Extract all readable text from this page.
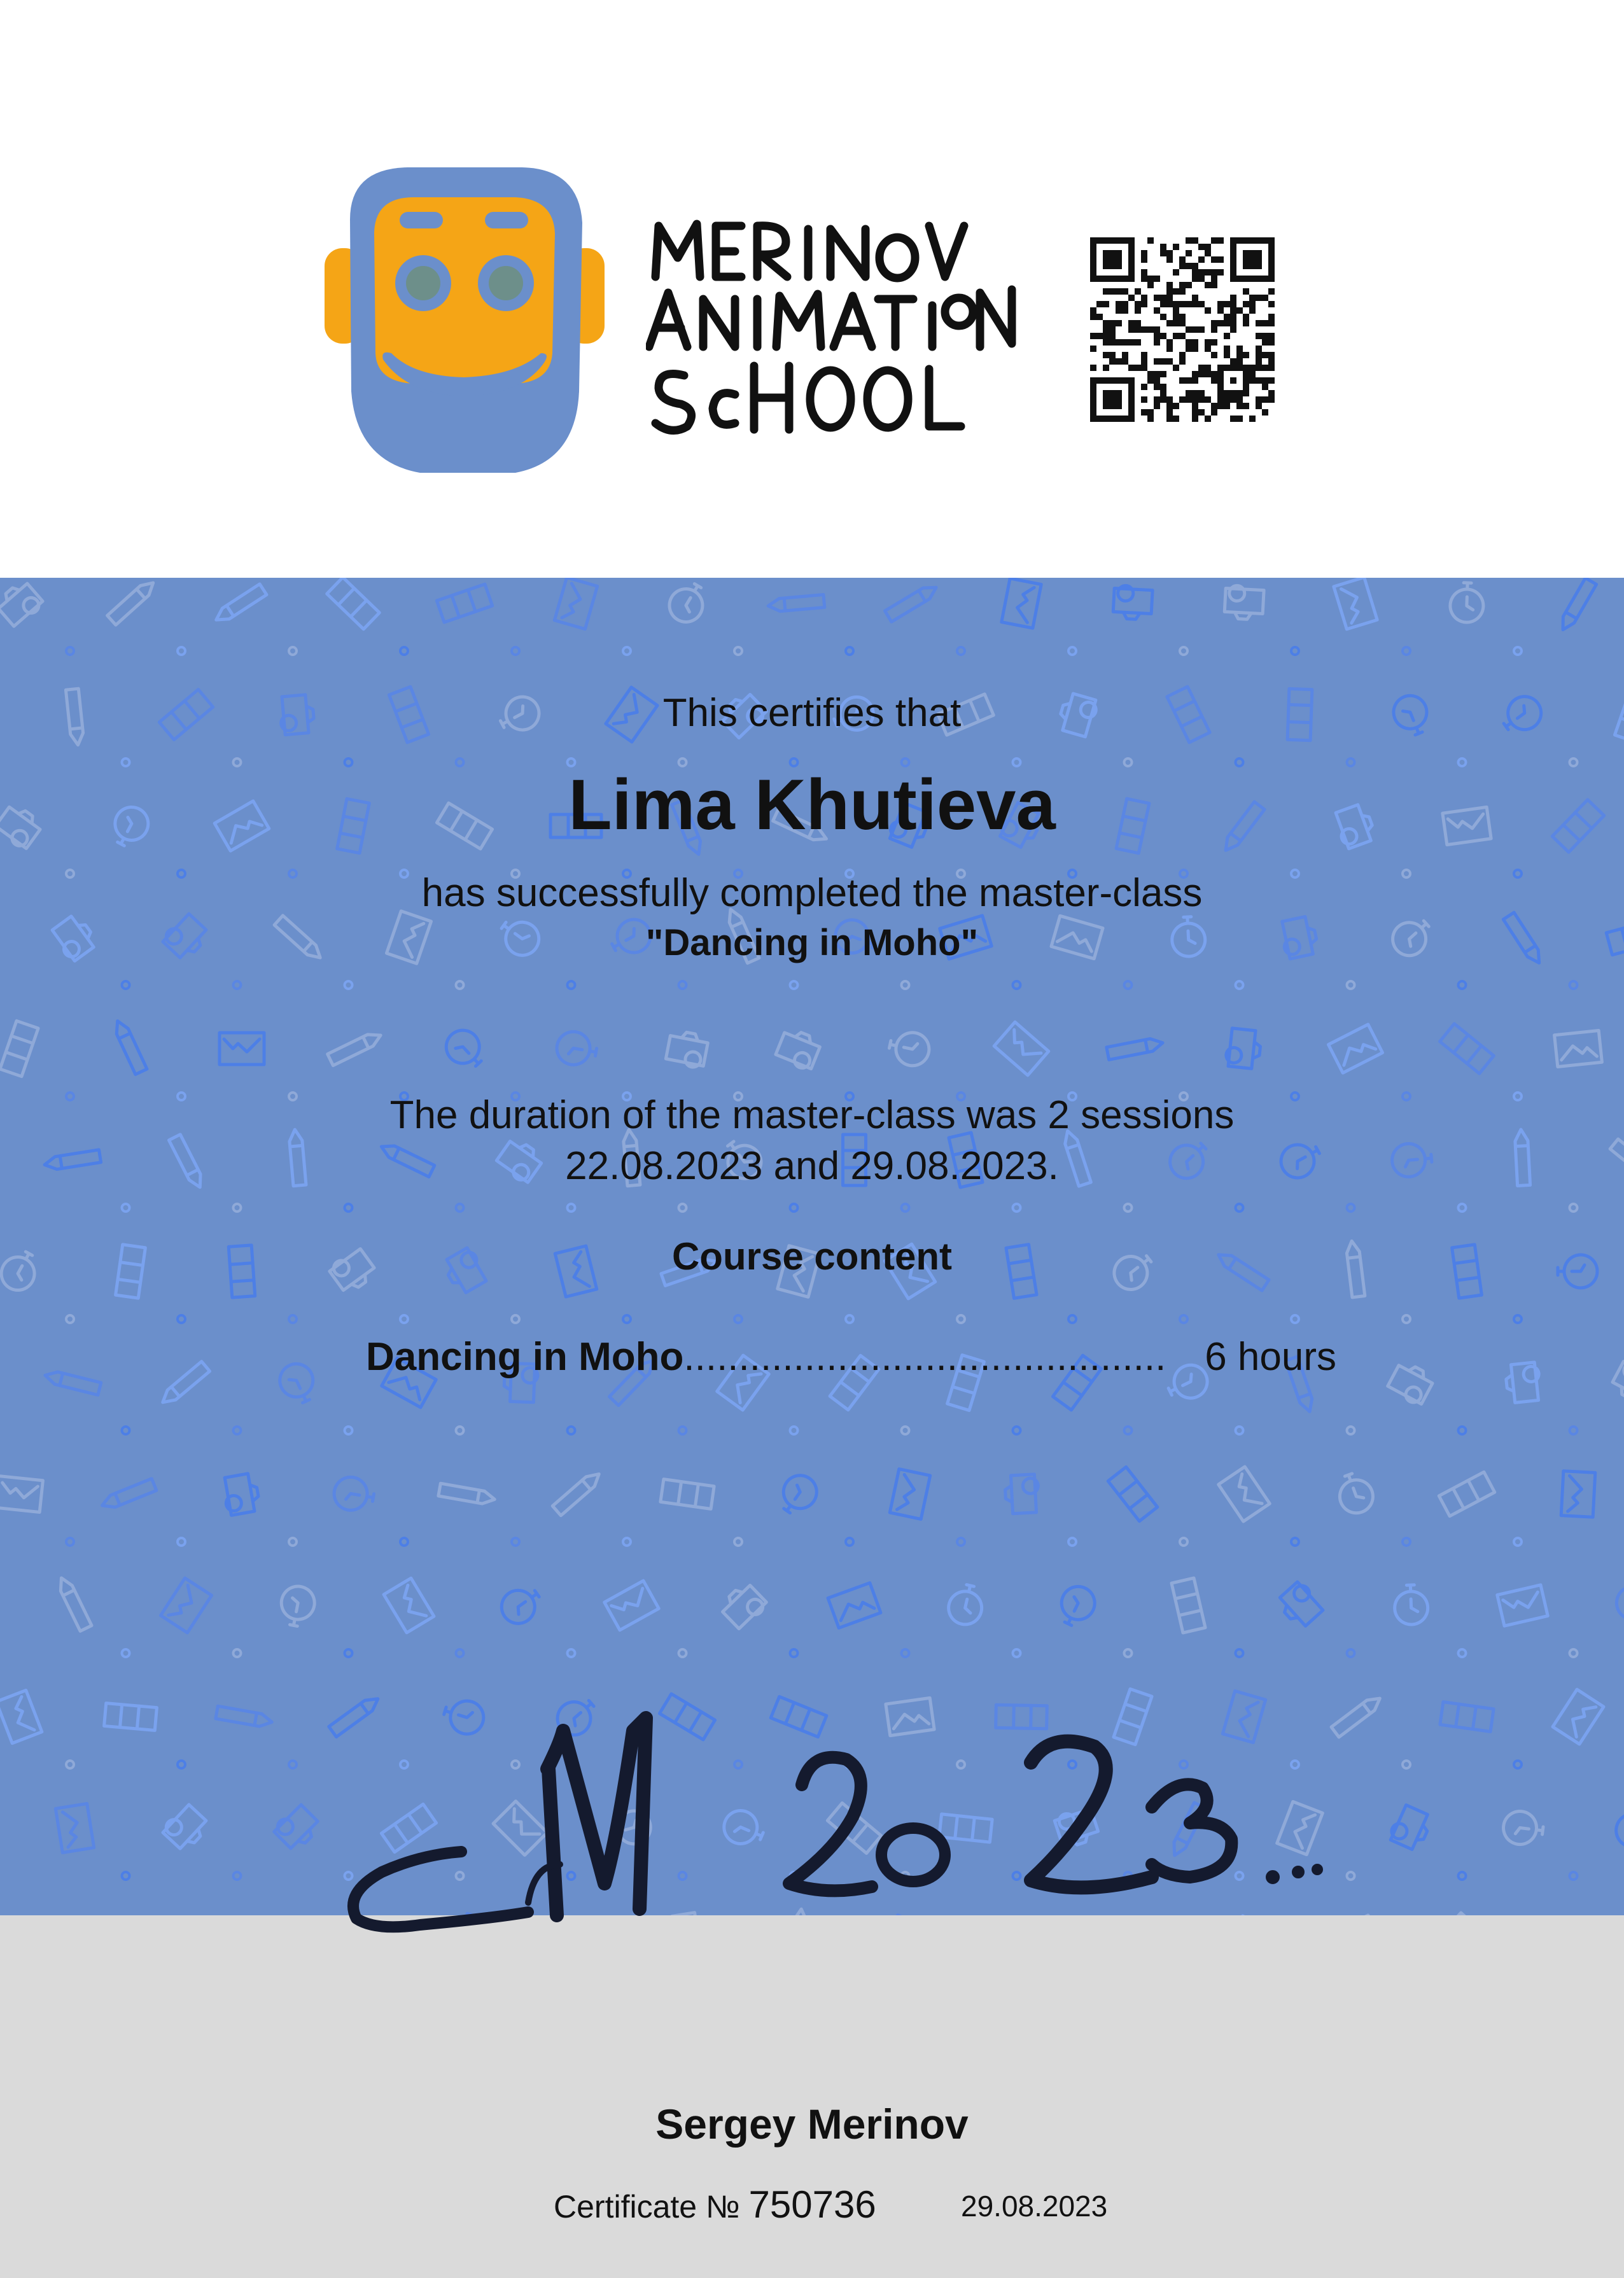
This certifies that
Lima Khutieva
has successfully completed the master-class
"Dancing in Moho"
The duration of the master-class was 2 sessions
22.08.2023 and 29.08.2023.
Course content
Dancing in Moho ............................................ 6 hours
Sergey Merinov
Certificate № 750736	29.08.2023
